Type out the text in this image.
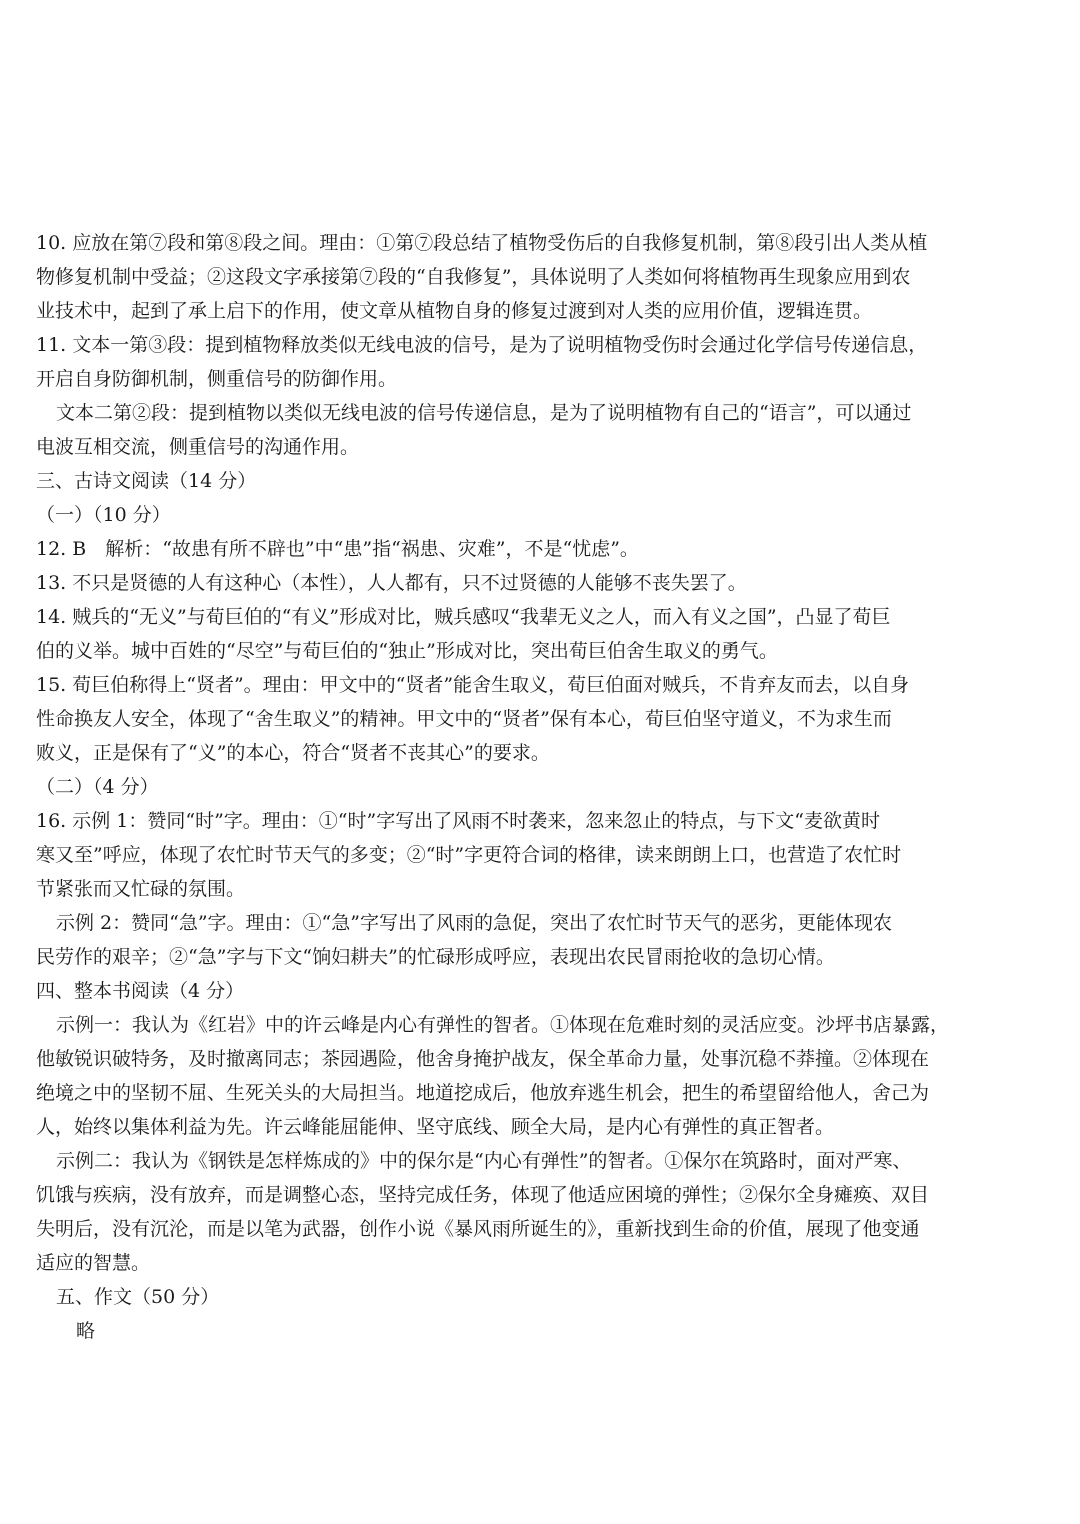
10. 应放在第⑦段和第⑧段之间。理由：①第⑦段总结了植物受伤后的自我修复机制，第⑧段引出人类从植
物修复机制中受益；②这段文字承接第⑦段的“自我修复”，具体说明了人类如何将植物再生现象应用到农
业技术中，起到了承上启下的作用，使文章从植物自身的修复过渡到对人类的应用价值，逻辑连贯。
11. 文本一第③段：提到植物释放类似无线电波的信号，是为了说明植物受伤时会通过化学信号传递信息，
开启自身防御机制，侧重信号的防御作用。
文本二第②段：提到植物以类似无线电波的信号传递信息，是为了说明植物有自己的“语言”，可以通过
电波互相交流，侧重信号的沟通作用。
三、古诗文阅读（14 分）
（一）（10 分）
12. B　解析：“故患有所不辟也”中“患”指“祸患、灾难”，不是“忧虑”。
13. 不只是贤德的人有这种心（本性），人人都有，只不过贤德的人能够不丧失罢了。
14. 贼兵的“无义”与荀巨伯的“有义”形成对比，贼兵感叹“我辈无义之人，而入有义之国”，凸显了荀巨
伯的义举。城中百姓的“尽空”与荀巨伯的“独止”形成对比，突出荀巨伯舍生取义的勇气。
15. 荀巨伯称得上“贤者”。理由：甲文中的“贤者”能舍生取义，荀巨伯面对贼兵，不肯弃友而去，以自身
性命换友人安全，体现了“舍生取义”的精神。甲文中的“贤者”保有本心，荀巨伯坚守道义，不为求生而
败义，正是保有了“义”的本心，符合“贤者不丧其心”的要求。
（二）（4 分）
16. 示例 1：赞同“时”字。理由：①“时”字写出了风雨不时袭来，忽来忽止的特点，与下文“麦欲黄时
寒又至”呼应，体现了农忙时节天气的多变；②“时”字更符合词的格律，读来朗朗上口，也营造了农忙时
节紧张而又忙碌的氛围。
示例 2：赞同“急”字。理由：①“急”字写出了风雨的急促，突出了农忙时节天气的恶劣，更能体现农
民劳作的艰辛；②“急”字与下文“饷妇耕夫”的忙碌形成呼应，表现出农民冒雨抢收的急切心情。
四、整本书阅读（4 分）
示例一：我认为《红岩》中的许云峰是内心有弹性的智者。①体现在危难时刻的灵活应变。沙坪书店暴露，
他敏锐识破特务，及时撤离同志；茶园遇险，他舍身掩护战友，保全革命力量，处事沉稳不莽撞。②体现在
绝境之中的坚韧不屈、生死关头的大局担当。地道挖成后，他放弃逃生机会，把生的希望留给他人，舍己为
人，始终以集体利益为先。许云峰能屈能伸、坚守底线、顾全大局，是内心有弹性的真正智者。
示例二：我认为《钢铁是怎样炼成的》中的保尔是“内心有弹性”的智者。①保尔在筑路时，面对严寒、
饥饿与疾病，没有放弃，而是调整心态，坚持完成任务，体现了他适应困境的弹性；②保尔全身瘫痪、双目
失明后，没有沉沦，而是以笔为武器，创作小说《暴风雨所诞生的》，重新找到生命的价值，展现了他变通
适应的智慧。
五、作文（50 分）
略
